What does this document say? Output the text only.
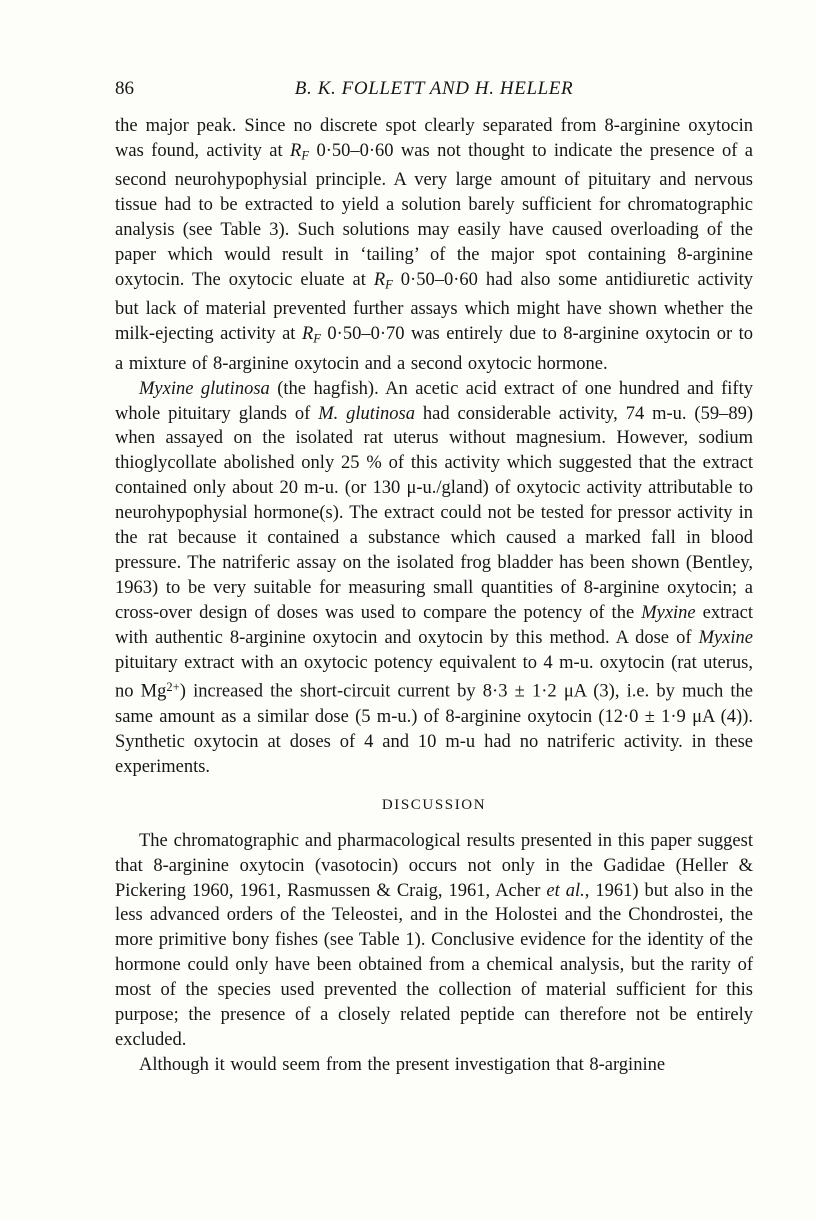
86	B. K. FOLLETT AND H. HELLER

the major peak. Since no discrete spot clearly separated from 8-arginine oxytocin was found, activity at RF 0·50–0·60 was not thought to indicate the presence of a second neurohypophysial principle. A very large amount of pituitary and nervous tissue had to be extracted to yield a solution barely sufficient for chromatographic analysis (see Table 3). Such solutions may easily have caused overloading of the paper which would result in ‘tailing’ of the major spot containing 8-arginine oxytocin. The oxytocic eluate at RF 0·50–0·60 had also some antidiuretic activity but lack of material prevented further assays which might have shown whether the milk-ejecting activity at RF 0·50–0·70 was entirely due to 8-arginine oxytocin or to a mixture of 8-arginine oxytocin and a second oxytocic hormone.

Myxine glutinosa (the hagfish). An acetic acid extract of one hundred and fifty whole pituitary glands of M. glutinosa had considerable activity, 74 m-u. (59–89) when assayed on the isolated rat uterus without magnesium. However, sodium thioglycollate abolished only 25 % of this activity which suggested that the extract contained only about 20 m-u. (or 130 μ-u./gland) of oxytocic activity attributable to neurohypophysial hormone(s). The extract could not be tested for pressor activity in the rat because it contained a substance which caused a marked fall in blood pressure. The natriferic assay on the isolated frog bladder has been shown (Bentley, 1963) to be very suitable for measuring small quantities of 8-arginine oxytocin; a cross-over design of doses was used to compare the potency of the Myxine extract with authentic 8-arginine oxytocin and oxytocin by this method. A dose of Myxine pituitary extract with an oxytocic potency equivalent to 4 m-u. oxytocin (rat uterus, no $Mg^{2+}$) increased the short-circuit current by 8·3 ± 1·2 μA (3), i.e. by much the same amount as a similar dose (5 m-u.) of 8-arginine oxytocin (12·0 ± 1·9 μA (4)). Synthetic oxytocin at doses of 4 and 10 m-u had no natriferic activity. in these experiments.

DISCUSSION

The chromatographic and pharmacological results presented in this paper suggest that 8-arginine oxytocin (vasotocin) occurs not only in the Gadidae (Heller & Pickering 1960, 1961, Rasmussen & Craig, 1961, Acher et al., 1961) but also in the less advanced orders of the Teleostei, and in the Holostei and the Chondrostei, the more primitive bony fishes (see Table 1). Conclusive evidence for the identity of the hormone could only have been obtained from a chemical analysis, but the rarity of most of the species used prevented the collection of material sufficient for this purpose; the presence of a closely related peptide can therefore not be entirely excluded.

Although it would seem from the present investigation that 8-arginine
